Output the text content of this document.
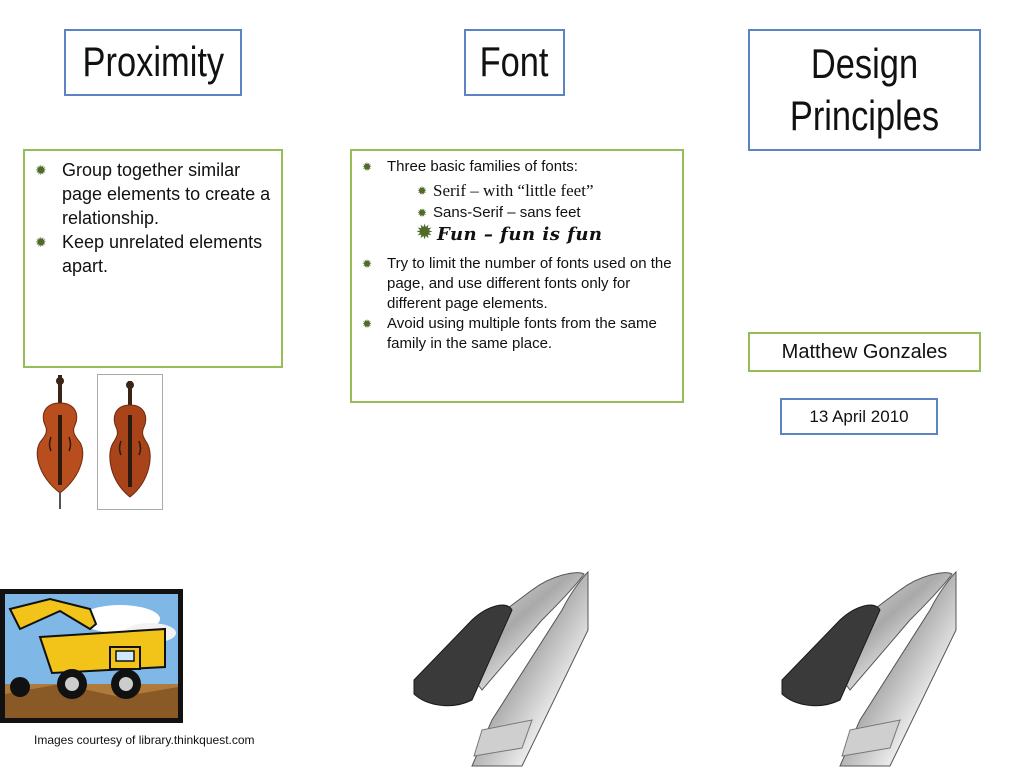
Proximity	Font	Design Principles
✹ Group together similar page elements to create a relationship.
✹ Keep unrelated elements apart.
✹ Three basic families of fonts:
✹ Serif – with “little feet”
✹ Sans-Serif – sans feet
✹ Fun – fun is fun
✹ Try to limit the number of fonts used on the page, and use different fonts only for different page elements.
✹ Avoid using multiple fonts from the same family in the same place.	Matthew Gonzales
13 April 2010
Images courtesy of library.thinkquest.com
